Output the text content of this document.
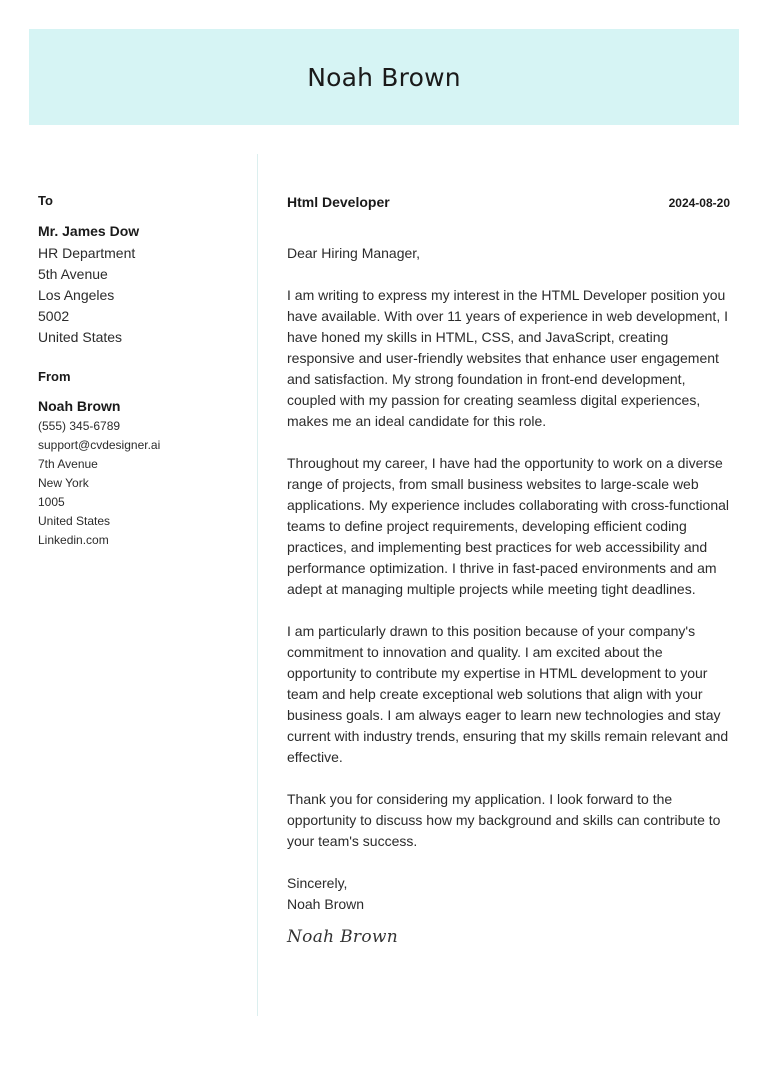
Noah Brown
To
Mr. James Dow
HR Department
5th Avenue
Los Angeles
5002
United States
From
Noah Brown
(555) 345-6789
support@cvdesigner.ai
7th Avenue
New York
1005
United States
Linkedin.com
Html Developer	2024-08-20
Dear Hiring Manager,

I am writing to express my interest in the HTML Developer position you have available. With over 11 years of experience in web development, I have honed my skills in HTML, CSS, and JavaScript, creating responsive and user-friendly websites that enhance user engagement and satisfaction. My strong foundation in front-end development, coupled with my passion for creating seamless digital experiences, makes me an ideal candidate for this role.

Throughout my career, I have had the opportunity to work on a diverse range of projects, from small business websites to large-scale web applications. My experience includes collaborating with cross-functional teams to define project requirements, developing efficient coding practices, and implementing best practices for web accessibility and performance optimization. I thrive in fast-paced environments and am adept at managing multiple projects while meeting tight deadlines.

I am particularly drawn to this position because of your company's commitment to innovation and quality. I am excited about the opportunity to contribute my expertise in HTML development to your team and help create exceptional web solutions that align with your business goals. I am always eager to learn new technologies and stay current with industry trends, ensuring that my skills remain relevant and effective.

Thank you for considering my application. I look forward to the opportunity to discuss how my background and skills can contribute to your team's success.

Sincerely,
Noah Brown
Noah Brown
